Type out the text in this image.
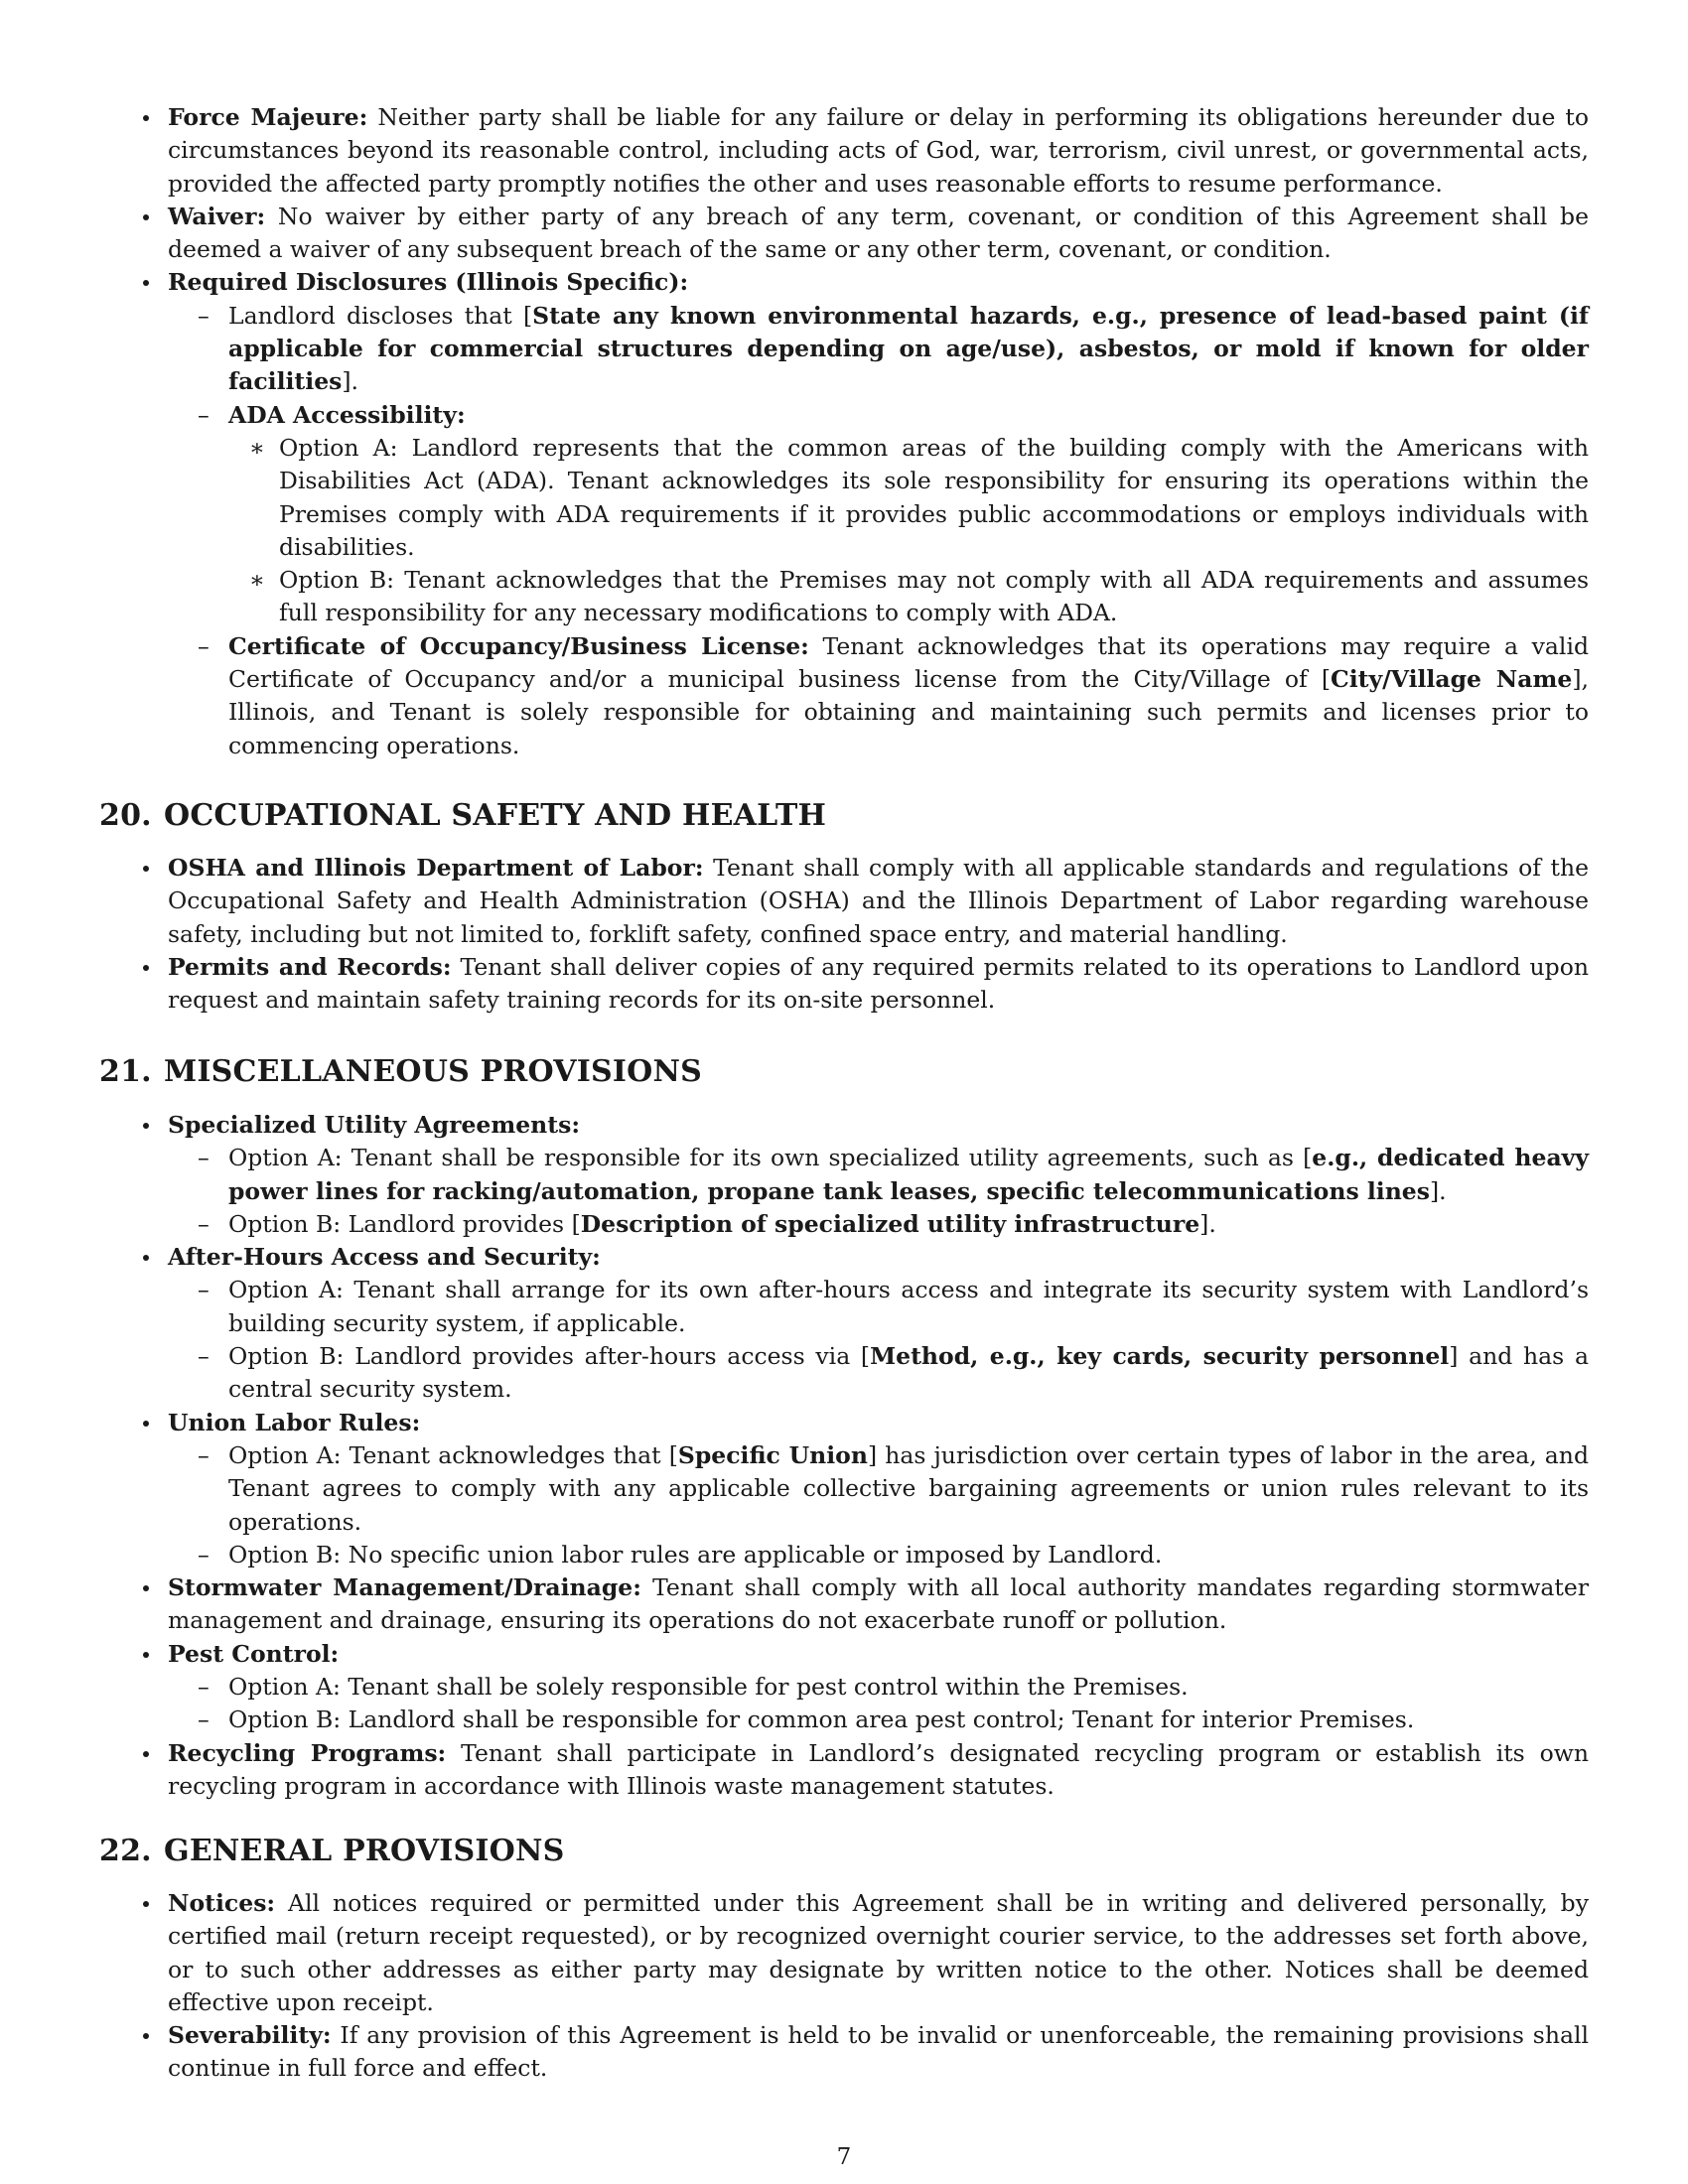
Force Majeure: Neither party shall be liable for any failure or delay in performing its obligations hereunder due to circumstances beyond its reasonable control, including acts of God, war, terrorism, civil unrest, or governmental acts, provided the affected party promptly notifies the other and uses reasonable efforts to resume performance.
Waiver: No waiver by either party of any breach of any term, covenant, or condition of this Agreement shall be deemed a waiver of any subsequent breach of the same or any other term, covenant, or condition.
Required Disclosures (Illinois Specific):
– Landlord discloses that [State any known environmental hazards, e.g., presence of lead-based paint (if applicable for commercial structures depending on age/use), asbestos, or mold if known for older facilities].
– ADA Accessibility:
∗ Option A: Landlord represents that the common areas of the building comply with the Americans with Disabilities Act (ADA). Tenant acknowledges its sole responsibility for ensuring its operations within the Premises comply with ADA requirements if it provides public accommodations or employs individuals with disabilities.
∗ Option B: Tenant acknowledges that the Premises may not comply with all ADA requirements and assumes full responsibility for any necessary modifications to comply with ADA.
– Certificate of Occupancy/Business License: Tenant acknowledges that its operations may require a valid Certificate of Occupancy and/or a municipal business license from the City/Village of [City/Village Name], Illinois, and Tenant is solely responsible for obtaining and maintaining such permits and licenses prior to commencing operations.
20. OCCUPATIONAL SAFETY AND HEALTH
OSHA and Illinois Department of Labor: Tenant shall comply with all applicable standards and regulations of the Occupational Safety and Health Administration (OSHA) and the Illinois Department of Labor regarding warehouse safety, including but not limited to, forklift safety, confined space entry, and material handling.
Permits and Records: Tenant shall deliver copies of any required permits related to its operations to Landlord upon request and maintain safety training records for its on-site personnel.
21. MISCELLANEOUS PROVISIONS
Specialized Utility Agreements:
– Option A: Tenant shall be responsible for its own specialized utility agreements, such as [e.g., dedicated heavy power lines for racking/automation, propane tank leases, specific telecommunications lines].
– Option B: Landlord provides [Description of specialized utility infrastructure].
After-Hours Access and Security:
– Option A: Tenant shall arrange for its own after-hours access and integrate its security system with Landlord’s building security system, if applicable.
– Option B: Landlord provides after-hours access via [Method, e.g., key cards, security personnel] and has a central security system.
Union Labor Rules:
– Option A: Tenant acknowledges that [Specific Union] has jurisdiction over certain types of labor in the area, and Tenant agrees to comply with any applicable collective bargaining agreements or union rules relevant to its operations.
– Option B: No specific union labor rules are applicable or imposed by Landlord.
Stormwater Management/Drainage: Tenant shall comply with all local authority mandates regarding stormwater management and drainage, ensuring its operations do not exacerbate runoff or pollution.
Pest Control:
– Option A: Tenant shall be solely responsible for pest control within the Premises.
– Option B: Landlord shall be responsible for common area pest control; Tenant for interior Premises.
Recycling Programs: Tenant shall participate in Landlord’s designated recycling program or establish its own recycling program in accordance with Illinois waste management statutes.
22. GENERAL PROVISIONS
Notices: All notices required or permitted under this Agreement shall be in writing and delivered personally, by certified mail (return receipt requested), or by recognized overnight courier service, to the addresses set forth above, or to such other addresses as either party may designate by written notice to the other. Notices shall be deemed effective upon receipt.
Severability: If any provision of this Agreement is held to be invalid or unenforceable, the remaining provisions shall continue in full force and effect.
7
